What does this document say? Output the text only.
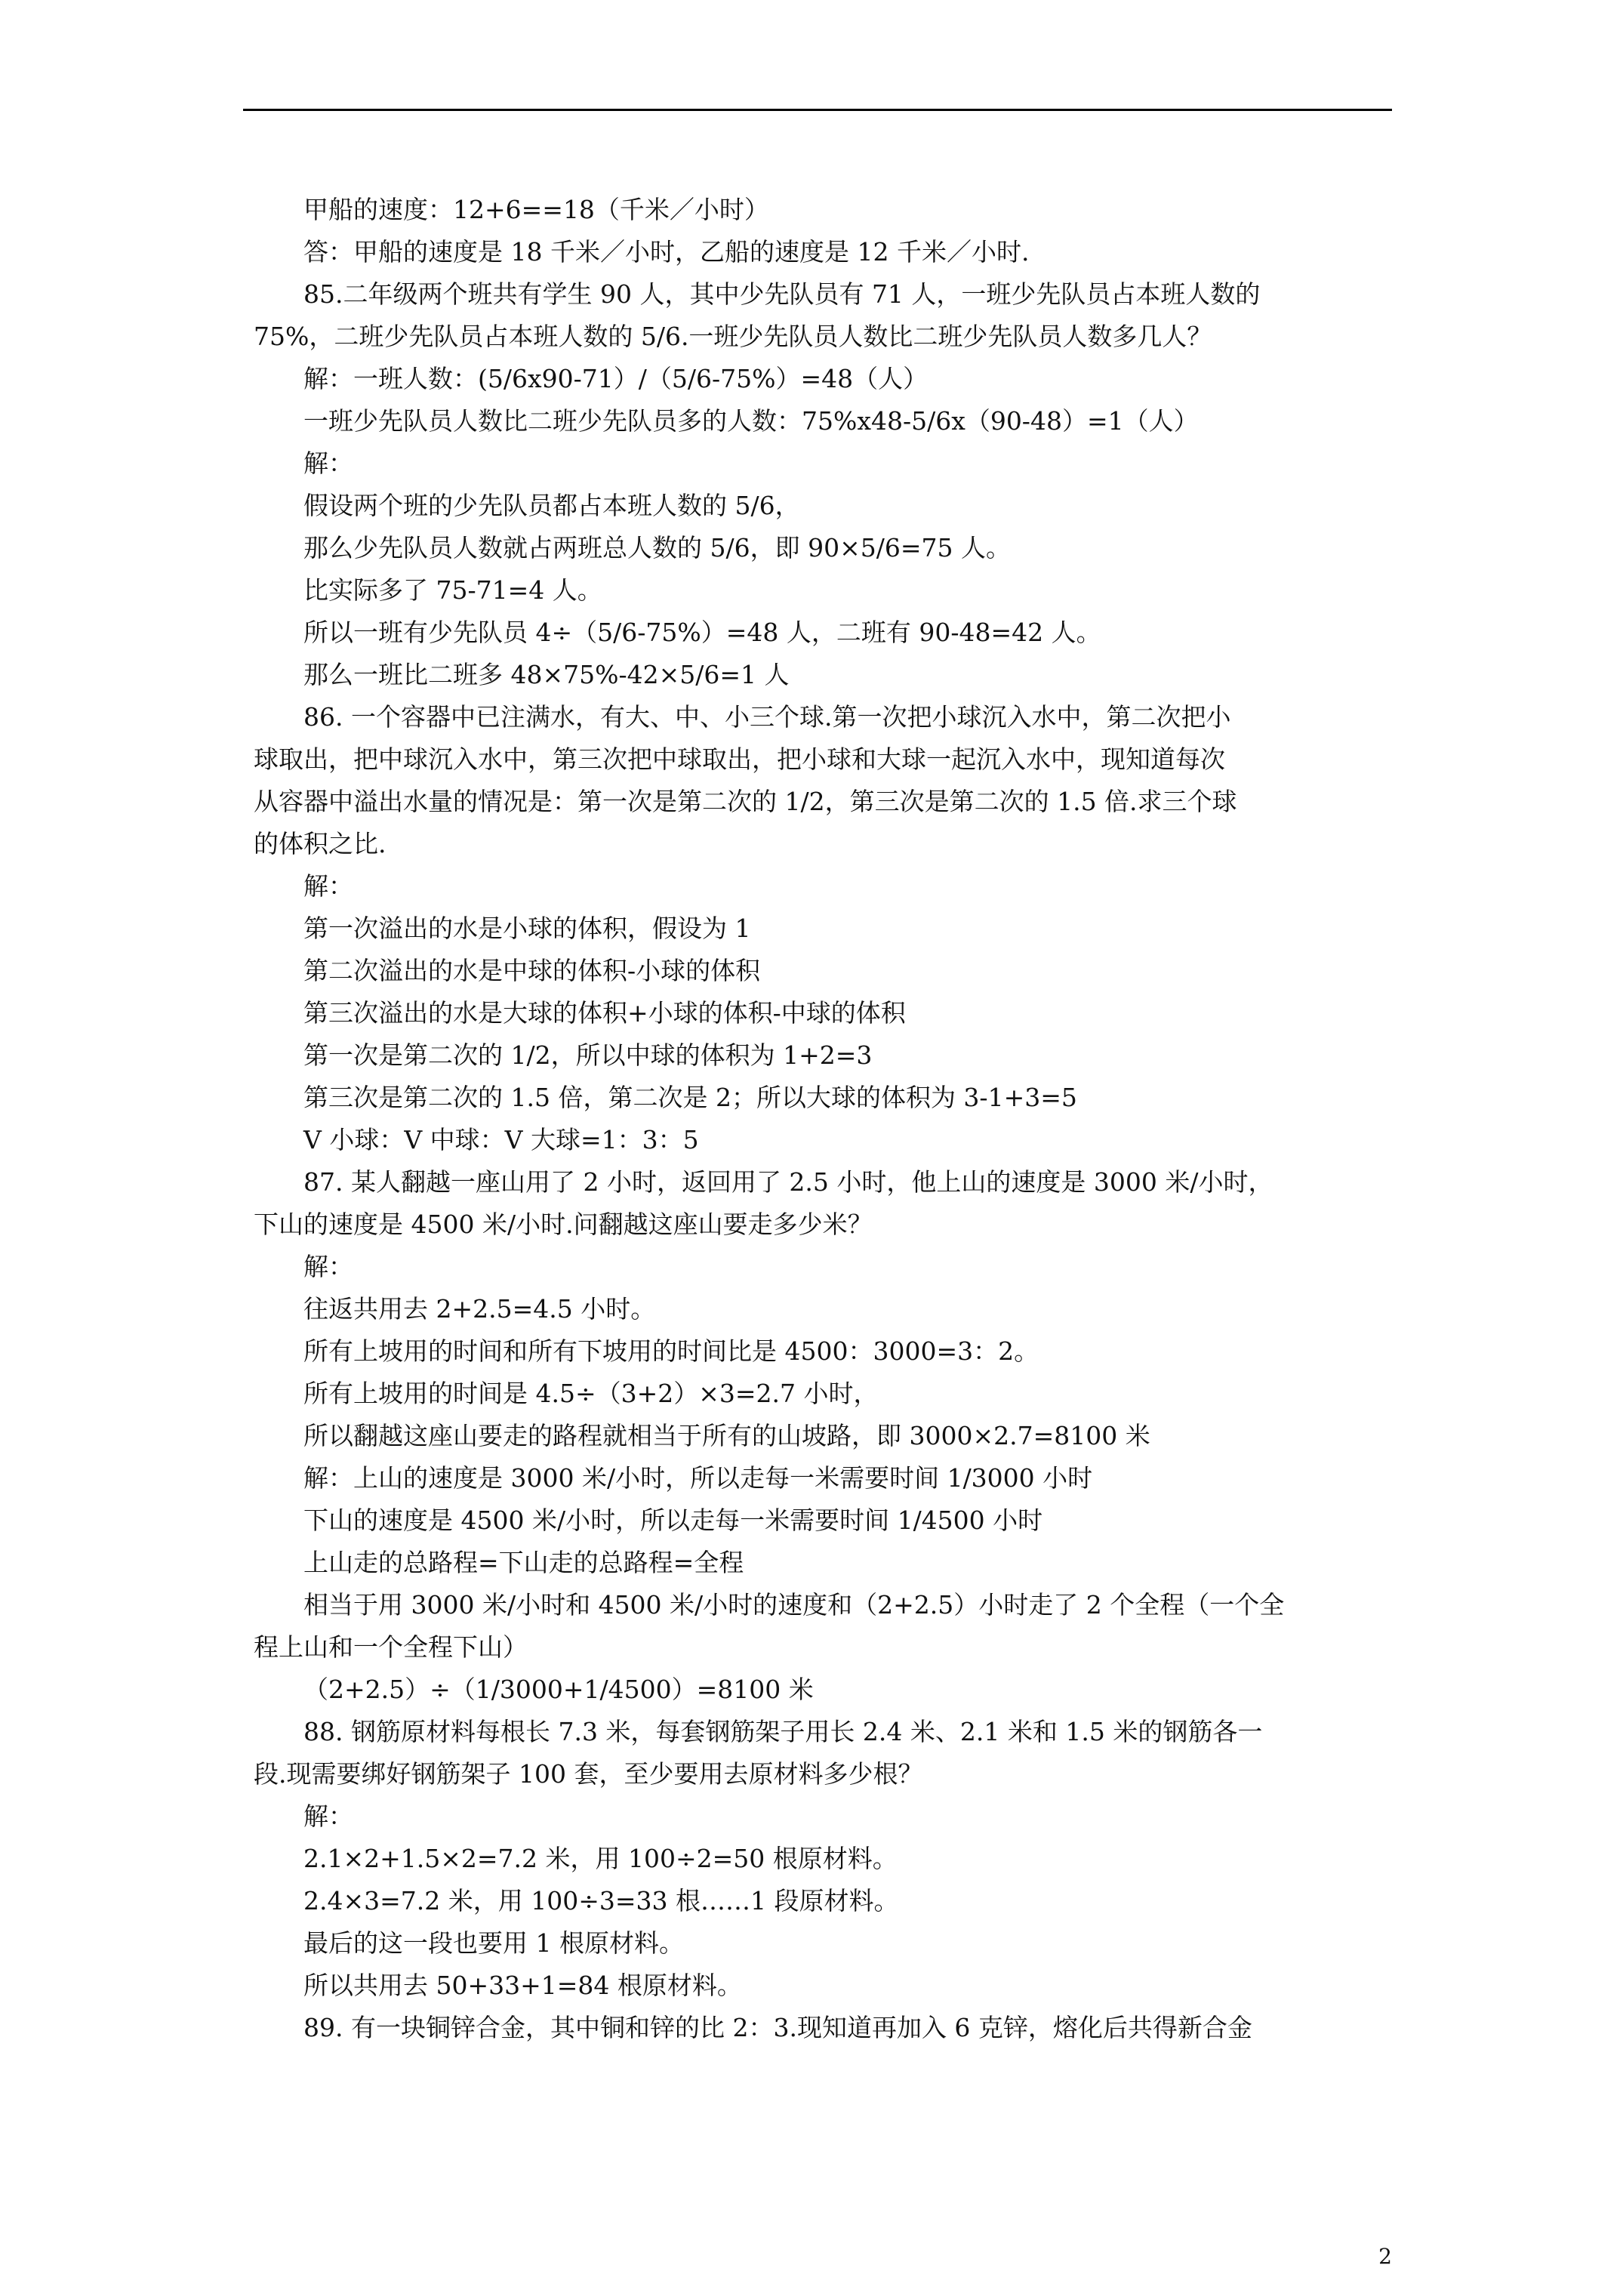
甲船的速度：12+6==18（千米／小时）
答：甲船的速度是 18 千米／小时，乙船的速度是 12 千米／小时.
85.二年级两个班共有学生 90 人，其中少先队员有 71 人，一班少先队员占本班人数的
75%，二班少先队员占本班人数的 5/6.一班少先队员人数比二班少先队员人数多几人？
解：一班人数：(5/6x90-71）/（5/6-75%）=48（人）
一班少先队员人数比二班少先队员多的人数：75%x48-5/6x（90-48）=1（人）
解：
假设两个班的少先队员都占本班人数的 5/6，
那么少先队员人数就占两班总人数的 5/6，即 90×5/6=75 人。
比实际多了 75-71=4 人。
所以一班有少先队员 4÷（5/6-75%）=48 人，二班有 90-48=42 人。
那么一班比二班多 48×75%-42×5/6=1 人
86. 一个容器中已注满水，有大、中、小三个球.第一次把小球沉入水中，第二次把小
球取出，把中球沉入水中，第三次把中球取出，把小球和大球一起沉入水中，现知道每次
从容器中溢出水量的情况是：第一次是第二次的 1/2，第三次是第二次的 1.5 倍.求三个球
的体积之比.
解：
第一次溢出的水是小球的体积，假设为 1
第二次溢出的水是中球的体积-小球的体积
第三次溢出的水是大球的体积+小球的体积-中球的体积
第一次是第二次的 1/2，所以中球的体积为 1+2=3
第三次是第二次的 1.5 倍，第二次是 2；所以大球的体积为 3-1+3=5
V 小球：V 中球：V 大球=1：3：5
87. 某人翻越一座山用了 2 小时，返回用了 2.5 小时，他上山的速度是 3000 米/小时，
下山的速度是 4500 米/小时.问翻越这座山要走多少米？
解：
往返共用去 2+2.5=4.5 小时。
所有上坡用的时间和所有下坡用的时间比是 4500：3000=3：2。
所有上坡用的时间是 4.5÷（3+2）×3=2.7 小时，
所以翻越这座山要走的路程就相当于所有的山坡路，即 3000×2.7=8100 米
解：上山的速度是 3000 米/小时，所以走每一米需要时间 1/3000 小时
下山的速度是 4500 米/小时，所以走每一米需要时间 1/4500 小时
上山走的总路程=下山走的总路程=全程
相当于用 3000 米/小时和 4500 米/小时的速度和（2+2.5）小时走了 2 个全程（一个全
程上山和一个全程下山）
（2+2.5）÷（1/3000+1/4500）=8100 米
88. 钢筋原材料每根长 7.3 米，每套钢筋架子用长 2.4 米、2.1 米和 1.5 米的钢筋各一
段.现需要绑好钢筋架子 100 套，至少要用去原材料多少根？
解：
2.1×2+1.5×2=7.2 米，用 100÷2=50 根原材料。
2.4×3=7.2 米，用 100÷3=33 根……1 段原材料。
最后的这一段也要用 1 根原材料。
所以共用去 50+33+1=84 根原材料。
89. 有一块铜锌合金，其中铜和锌的比 2：3.现知道再加入 6 克锌，熔化后共得新合金
2
